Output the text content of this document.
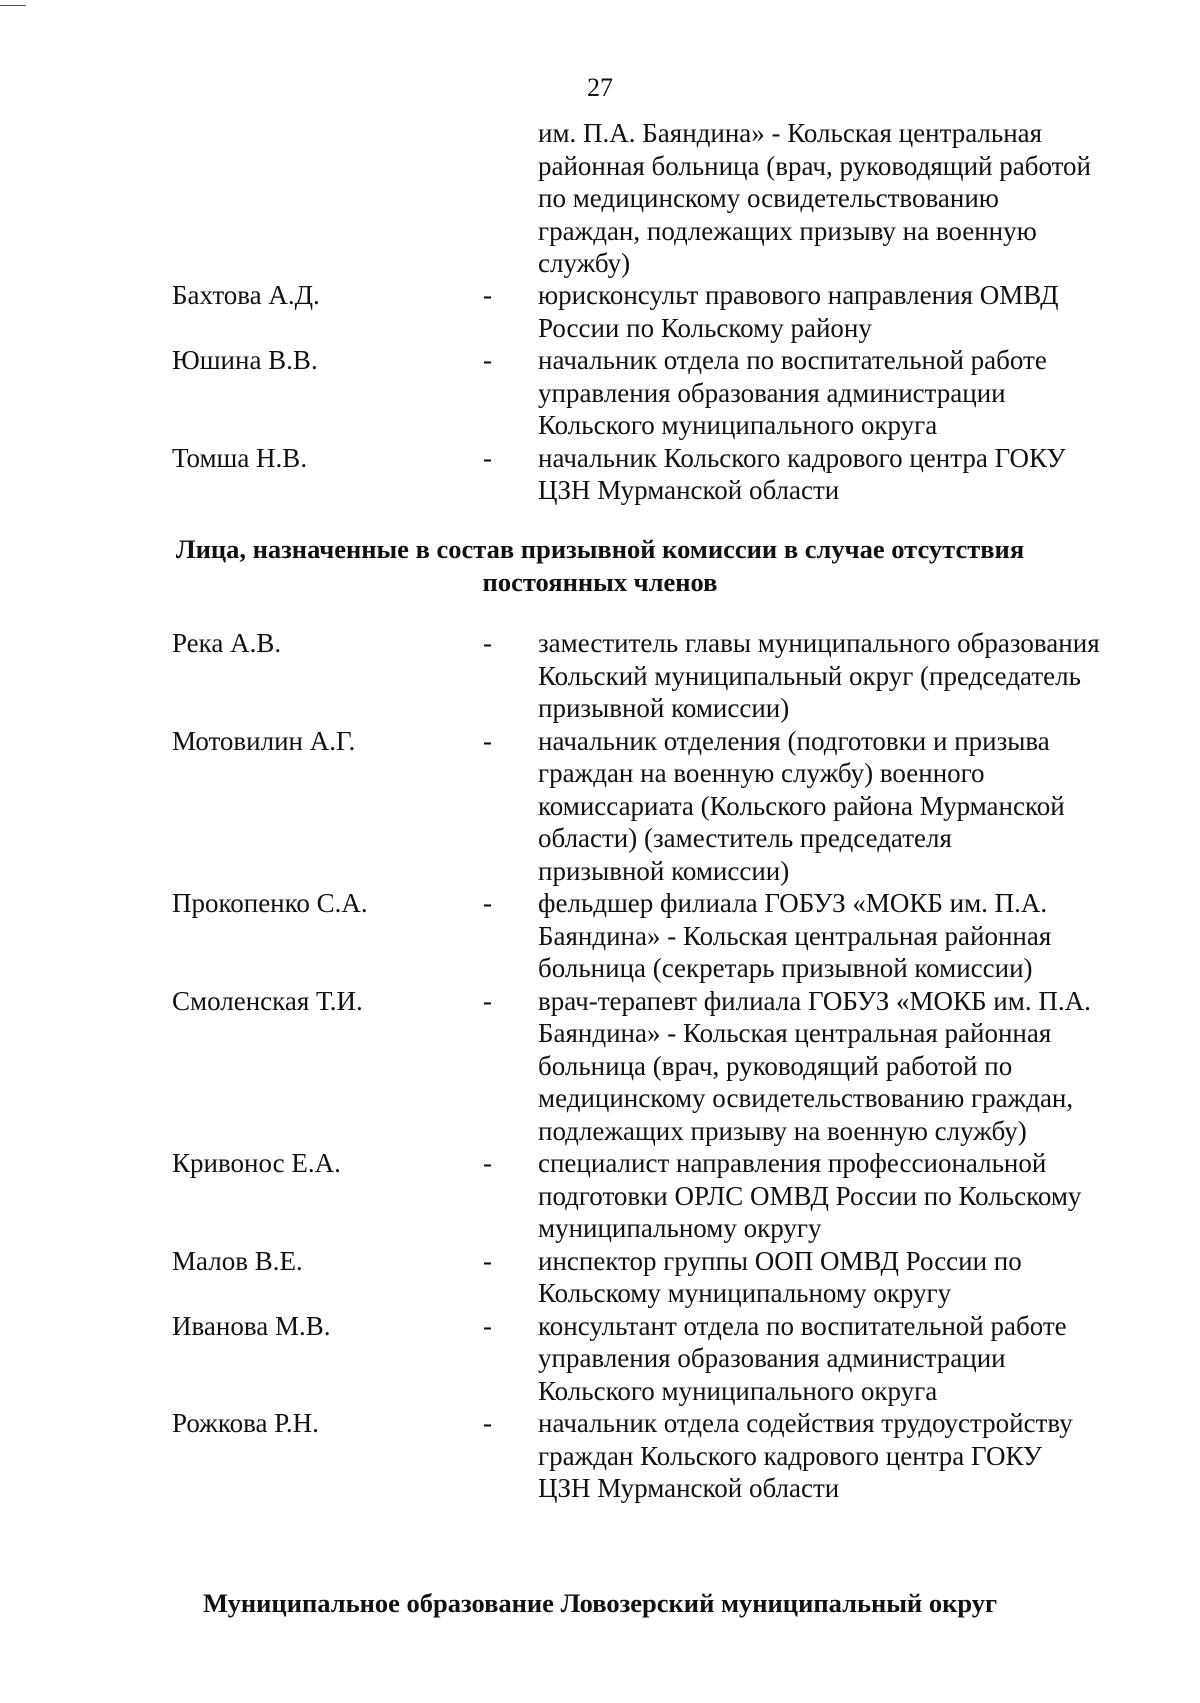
27
им. П.А. Баяндина» - Кольская центральная
районная больница (врач, руководящий работой
по медицинскому освидетельствованию
граждан, подлежащих призыву на военную
службу)
Бахтова А.Д.	- юрисконсульт правового направления ОМВД
России по Кольскому району
Юшина В.В.	- начальник отдела по воспитательной работе
управления образования администрации
Кольского муниципального округа
Томша Н.В.	- начальник Кольского кадрового центра ГОКУ
ЦЗН Мурманской области
Лица, назначенные в состав призывной комиссии в случае отсутствия
постоянных членов
Река А.В.	- заместитель главы муниципального образования
Кольский муниципальный округ (председатель
призывной комиссии)
Мотовилин А.Г.	- начальник отделения (подготовки и призыва
граждан на военную службу) военного
комиссариата (Кольского района Мурманской
области) (заместитель председателя
призывной комиссии)
Прокопенко С.А.	- фельдшер филиала ГОБУЗ «МОКБ им. П.А.
Баяндина» - Кольская центральная районная
больница (секретарь призывной комиссии)
Смоленская Т.И.	- врач-терапевт филиала ГОБУЗ «МОКБ им. П.А.
Баяндина» - Кольская центральная районная
больница (врач, руководящий работой по
медицинскому освидетельствованию граждан,
подлежащих призыву на военную службу)
Кривонос Е.А.	- специалист направления профессиональной
подготовки ОРЛС ОМВД России по Кольскому
муниципальному округу
Малов В.Е.	- инспектор группы ООП ОМВД России по
Кольскому муниципальному округу
Иванова М.В.	- консультант отдела по воспитательной работе
управления образования администрации
Кольского муниципального округа
Рожкова Р.Н.	- начальник отдела содействия трудоустройству
граждан Кольского кадрового центра ГОКУ
ЦЗН Мурманской области
Муниципальное образование Ловозерский муниципальный округ
